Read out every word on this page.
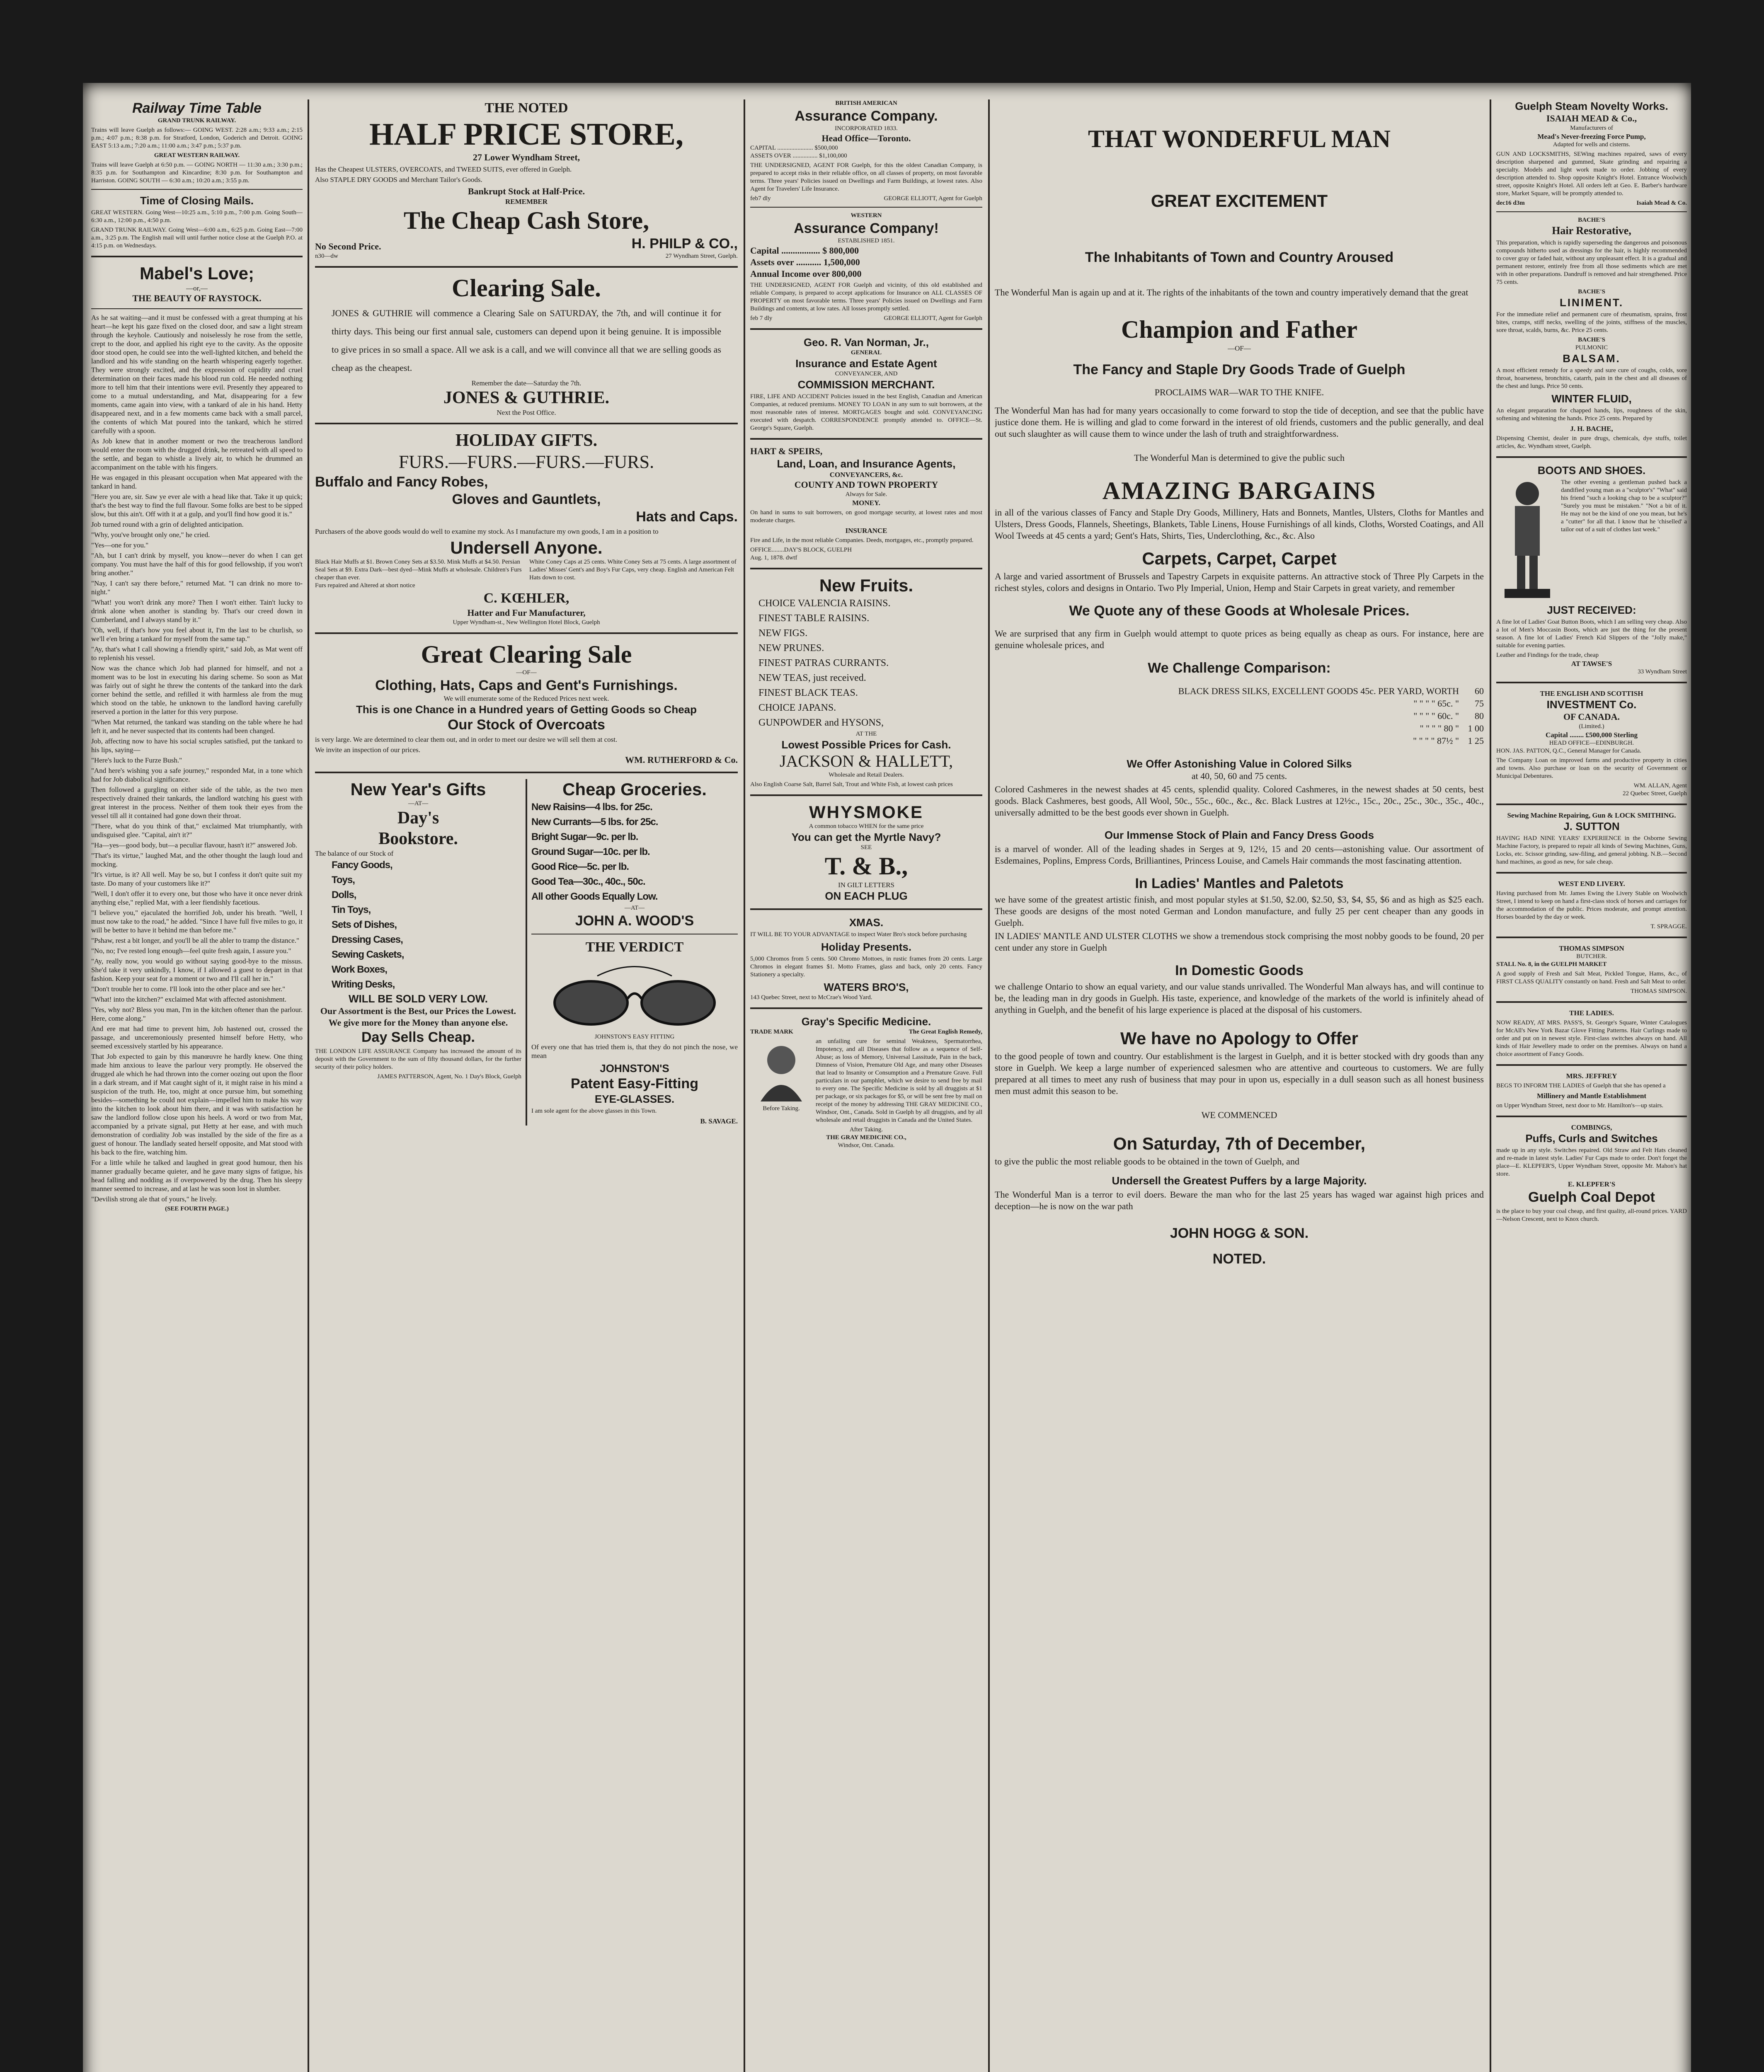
Railway Time Table
GRAND TRUNK RAILWAY.
Trains will leave Guelph as follows:— GOING WEST. 2:28 a.m.; 9:33 a.m.; 2:15 p.m.; 4:07 p.m.; 8:38 p.m. for Stratford, London, Goderich and Detroit. GOING EAST 5:13 a.m.; 7:20 a.m.; 11:00 a.m.; 3:47 p.m.; 5:37 p.m.
GREAT WESTERN RAILWAY.
Trains will leave Guelph at 6:50 p.m. — GOING NORTH — 11:30 a.m.; 3:30 p.m.; 8:35 p.m. for Southampton and Kincardine; 8:30 p.m. for Southampton and Harriston. GOING SOUTH — 6:30 a.m.; 10:20 a.m.; 3:55 p.m.
Time of Closing Mails.
GREAT WESTERN. Going West—10:25 a.m., 5:10 p.m., 7:00 p.m. Going South—6:30 a.m., 12:00 p.m., 4:50 p.m.
GRAND TRUNK RAILWAY. Going West—6:00 a.m., 6:25 p.m. Going East—7:00 a.m., 3:25 p.m. The English mail will until further notice close at the Guelph P.O. at 4:15 p.m. on Wednesdays.
Mabel's Love;
—or,—
THE BEAUTY OF RAYSTOCK.
As he sat waiting—and it must be confessed with a great thumping at his heart—he kept his gaze fixed on the closed door, and saw a light stream through the keyhole. Cautiously and noiselessly he rose from the settle, crept to the door, and applied his right eye to the cavity. As the opposite door stood open, he could see into the well-lighted kitchen, and beheld the landlord and his wife standing on the hearth whispering eagerly together. They were strongly excited, and the expression of cupidity and cruel determination on their faces made his blood run cold. He needed nothing more to tell him that their intentions were evil. Presently they appeared to come to a mutual understanding, and Mat, disappearing for a few moments, came again into view, with a tankard of ale in his hand. Hetty disappeared next, and in a few moments came back with a small parcel, the contents of which Mat poured into the tankard, which he stirred carefully with a spoon.
As Job knew that in another moment or two the treacherous landlord would enter the room with the drugged drink, he retreated with all speed to the settle, and began to whistle a lively air, to which he drummed an accompaniment on the table with his fingers.
He was engaged in this pleasant occupation when Mat appeared with the tankard in hand.
"Here you are, sir. Saw ye ever ale with a head like that. Take it up quick; that's the best way to find the full flavour. Some folks are best to be sipped slow, but this ain't. Off with it at a gulp, and you'll find how good it is."
Job turned round with a grin of delighted anticipation.
"Why, you've brought only one," he cried.
"Yes—one for you."
"Ah, but I can't drink by myself, you know—never do when I can get company. You must have the half of this for good fellowship, if you won't bring another."
"Nay, I can't say there before," returned Mat. "I can drink no more to-night."
"What! you won't drink any more? Then I won't either. Tain't lucky to drink alone when another is standing by. That's our creed down in Cumberland, and I always stand by it."
"Oh, well, if that's how you feel about it, I'm the last to be churlish, so we'll e'en bring a tankard for myself from the same tap."
"Ay, that's what I call showing a friendly spirit," said Job, as Mat went off to replenish his vessel.
Now was the chance which Job had planned for himself, and not a moment was to be lost in executing his daring scheme. So soon as Mat was fairly out of sight he threw the contents of the tankard into the dark corner behind the settle, and refilled it with harmless ale from the mug which stood on the table, he unknown to the landlord having carefully reserved a portion in the latter for this very purpose.
"When Mat returned, the tankard was standing on the table where he had left it, and he never suspected that its contents had been changed.
Job, affecting now to have his social scruples satisfied, put the tankard to his lips, saying—
"Here's luck to the Furze Bush."
"And here's wishing you a safe journey," responded Mat, in a tone which had for Job diabolical significance.
Then followed a gurgling on either side of the table, as the two men respectively drained their tankards, the landlord watching his guest with great interest in the process. Neither of them took their eyes from the vessel till all it contained had gone down their throat.
"There, what do you think of that," exclaimed Mat triumphantly, with undisguised glee. "Capital, ain't it?"
"Ha—yes—good body, but—a peculiar flavour, hasn't it?" answered Job.
"That's its virtue," laughed Mat, and the other thought the laugh loud and mocking.
"It's virtue, is it? All well. May be so, but I confess it don't quite suit my taste. Do many of your customers like it?"
"Well, I don't offer it to every one, but those who have it once never drink anything else," replied Mat, with a leer fiendishly facetious.
"I believe you," ejaculated the horrified Job, under his breath. "Well, I must now take to the road," he added. "Since I have full five miles to go, it will be better to have it behind me than before me."
"Pshaw, rest a bit longer, and you'll be all the abler to tramp the distance."
"No, no; I've rested long enough—feel quite fresh again, I assure you."
"Ay, really now, you would go without saying good-bye to the missus. She'd take it very unkindly, I know, if I allowed a guest to depart in that fashion. Keep your seat for a moment or two and I'll call her in."
"Don't trouble her to come. I'll look into the other place and see her."
"What! into the kitchen?" exclaimed Mat with affected astonishment.
"Yes, why not? Bless you man, I'm in the kitchen oftener than the parlour. Here, come along."
And ere mat had time to prevent him, Job hastened out, crossed the passage, and unceremoniously presented himself before Hetty, who seemed excessively startled by his appearance.
That Job expected to gain by this manœuvre he hardly knew. One thing made him anxious to leave the parlour very promptly. He observed the drugged ale which he had thrown into the corner oozing out upon the floor in a dark stream, and if Mat caught sight of it, it might raise in his mind a suspicion of the truth. He, too, might at once pursue him, but something besides—something he could not explain—impelled him to make his way into the kitchen to look about him there, and it was with satisfaction he saw the landlord follow close upon his heels. A word or two from Mat, accompanied by a private signal, put Hetty at her ease, and with much demonstration of cordiality Job was installed by the side of the fire as a guest of honour. The landlady seated herself opposite, and Mat stood with his back to the fire, watching him.
For a little while he talked and laughed in great good humour, then his manner gradually became quieter, and he gave many signs of fatigue, his head falling and nodding as if overpowered by the drug. Then his sleepy manner seemed to increase, and at last he was soon lost in slumber.
"Devilish strong ale that of yours," he lively.
(SEE FOURTH PAGE.)
THE NOTED
HALF PRICE STORE,
27 Lower Wyndham Street,
Has the Cheapest ULSTERS, OVERCOATS, and TWEED SUITS, ever offered in Guelph.
Also STAPLE DRY GOODS and Merchant Tailor's Goods.
Bankrupt Stock at Half-Price.
REMEMBER
The Cheap Cash Store,
No Second Price.	H. PHILP & CO.,
n30—dw	27 Wyndham Street, Guelph.
Clearing Sale.
JONES & GUTHRIE will commence a Clearing Sale on SATURDAY, the 7th, and will continue it for thirty days. This being our first annual sale, customers can depend upon it being genuine. It is impossible to give prices in so small a space. All we ask is a call, and we will convince all that we are selling goods as cheap as the cheapest.
Remember the date—Saturday the 7th.
JONES & GUTHRIE.
Next the Post Office.
HOLIDAY GIFTS.
FURS.—FURS.—FURS.—FURS.
Buffalo and Fancy Robes,
Gloves and Gauntlets,
Hats and Caps.
Purchasers of the above goods would do well to examine my stock. As I manufacture my own goods, I am in a position to
Undersell Anyone.
Black Hair Muffs at $1. Brown Coney Sets at $3.50. Mink Muffs at $4.50. Persian Seal Sets at $9. Extra Dark—best dyed—Mink Muffs at wholesale. Children's Furs cheaper than ever.
White Coney Caps at 25 cents. White Coney Sets at 75 cents. A large assortment of Ladies' Misses' Gent's and Boy's Fur Caps, very cheap. English and American Felt Hats down to cost.
Furs repaired and Altered at short notice
C. KŒHLER,
Hatter and Fur Manufacturer,
Upper Wyndham-st., New Wellington Hotel Block, Guelph
Great Clearing Sale
—OF—
Clothing, Hats, Caps and Gent's Furnishings.
We will enumerate some of the Reduced Prices next week.
This is one Chance in a Hundred years of Getting Goods so Cheap
Our Stock of Overcoats
is very large. We are determined to clear them out, and in order to meet our desire we will sell them at cost.
We invite an inspection of our prices.
WM. RUTHERFORD & Co.
New Year's Gifts
—AT—
Day's
Bookstore.
The balance of our Stock of
Fancy Goods,
Toys,
Dolls,
Tin Toys,
Sets of Dishes,
Dressing Cases,
Sewing Caskets,
Work Boxes,
Writing Desks,
WILL BE SOLD VERY LOW.
Our Assortment is the Best, our Prices the Lowest. We give more for the Money than anyone else.
Day Sells Cheap.
THE LONDON LIFE ASSURANCE Company has increased the amount of its deposit with the Government to the sum of fifty thousand dollars, for the further security of their policy holders.
JAMES PATTERSON, Agent, No. 1 Day's Block, Guelph
Cheap Groceries.
New Raisins—4 lbs. for 25c.
New Currants—5 lbs. for 25c.
Bright Sugar—9c. per lb.
Ground Sugar—10c. per lb.
Good Rice—5c. per lb.
Good Tea—30c., 40c., 50c.
All other Goods Equally Low.
—AT—
JOHN A. WOOD'S
THE VERDICT
JOHNSTON'S EASY FITTING
Of every one that has tried them is, that they do not pinch the nose, we mean
JOHNSTON'S
Patent Easy-Fitting
EYE-GLASSES.
I am sole agent for the above glasses in this Town.
B. SAVAGE.
BRITISH AMERICAN
Assurance Company.
INCORPORATED 1833.
Head Office—Toronto.
CAPITAL ....................... $500,000
ASSETS OVER ................ $1,100,000
THE UNDERSIGNED, AGENT FOR Guelph, for this the oldest Canadian Company, is prepared to accept risks in their reliable office, on all classes of property, on most favorable terms. Three years' Policies issued on Dwellings and Farm Buildings, at lowest rates. Also Agent for Travelers' Life Insurance.
feb7 dly	GEORGE ELLIOTT, Agent for Guelph
WESTERN
Assurance Company!
ESTABLISHED 1851.
Capital ................. $ 800,000
Assets over ........... 1,500,000
Annual Income over 800,000
THE UNDERSIGNED, AGENT FOR Guelph and vicinity, of this old established and reliable Company, is prepared to accept applications for Insurance on ALL CLASSES OF PROPERTY on most favorable terms. Three years' Policies issued on Dwellings and Farm Buildings and contents, at low rates. All losses promptly settled.
feb 7 dly	GEORGE ELLIOTT, Agent for Guelph
Geo. R. Van Norman, Jr.,
GENERAL
Insurance and Estate Agent
CONVEYANCER, AND
COMMISSION MERCHANT.
FIRE, LIFE AND ACCIDENT Policies issued in the best English, Canadian and American Companies, at reduced premiums. MONEY TO LOAN in any sum to suit borrowers, at the most reasonable rates of interest. MORTGAGES bought and sold. CONVEYANCING executed with despatch. CORRESPONDENCE promptly attended to. OFFICE—St. George's Square, Guelph.
HART & SPEIRS,
Land, Loan, and Insurance Agents,
CONVEYANCERS, &c.
COUNTY AND TOWN PROPERTY
Always for Sale.
MONEY.
On hand in sums to suit borrowers, on good mortgage security, at lowest rates and most moderate charges.
INSURANCE
Fire and Life, in the most reliable Companies. Deeds, mortgages, etc., promptly prepared.
OFFICE........DAY'S BLOCK, GUELPH
Aug. 1, 1878. dwtf
New Fruits.
CHOICE VALENCIA RAISINS.
FINEST TABLE RAISINS.
NEW FIGS.
NEW PRUNES.
FINEST PATRAS CURRANTS.
NEW TEAS, just received.
FINEST BLACK TEAS.
CHOICE JAPANS.
GUNPOWDER and HYSONS,
AT THE
Lowest Possible Prices for Cash.
JACKSON & HALLETT,
Wholesale and Retail Dealers.
Also English Coarse Salt, Barrel Salt, Trout and White Fish, at lowest cash prices
WHYSMOKE
A common tobacco WHEN for the same price
You can get the Myrtle Navy?
SEE
T. & B.,
IN GILT LETTERS
ON EACH PLUG
XMAS.
IT WILL BE TO YOUR ADVANTAGE to inspect Water Bro's stock before purchasing
Holiday Presents.
5,000 Chromos from 5 cents. 500 Chromo Mottoes, in rustic frames from 20 cents. Large Chromos in elegant frames $1. Motto Frames, glass and back, only 20 cents. Fancy Stationery a specialty.
WATERS BRO'S,
143 Quebec Street, next to McCrae's Wood Yard.
Gray's Specific Medicine.
TRADE MARK	The Great English Remedy,
Before Taking.
an unfailing cure for seminal Weakness, Spermatorrhea, Impotency, and all Diseases that follow as a sequence of Self-Abuse; as loss of Memory, Universal Lassitude, Pain in the back, Dimness of Vision, Premature Old Age, and many other Diseases that lead to Insanity or Consumption and a Premature Grave. Full particulars in our pamphlet, which we desire to send free by mail to every one. The Specific Medicine is sold by all druggists at $1 per package, or six packages for $5, or will be sent free by mail on receipt of the money by addressing THE GRAY MEDICINE CO., Windsor, Ont., Canada. Sold in Guelph by all druggists, and by all wholesale and retail druggists in Canada and the United States.
After Taking.
THE GRAY MEDICINE CO.,
Windsor, Ont. Canada.
THAT WONDERFUL MAN
GREAT EXCITEMENT
The Inhabitants of Town and Country Aroused
The Wonderful Man is again up and at it. The rights of the inhabitants of the town and country imperatively demand that the great
Champion and Father
—OF—
The Fancy and Staple Dry Goods Trade of Guelph
PROCLAIMS WAR—WAR TO THE KNIFE.
The Wonderful Man has had for many years occasionally to come forward to stop the tide of deception, and see that the public have justice done them. He is willing and glad to come forward in the interest of old friends, customers and the public generally, and deal out such slaughter as will cause them to wince under the lash of truth and straightforwardness.
The Wonderful Man is determined to give the public such
AMAZING BARGAINS
in all of the various classes of Fancy and Staple Dry Goods, Millinery, Hats and Bonnets, Mantles, Ulsters, Cloths for Mantles and Ulsters, Dress Goods, Flannels, Sheetings, Blankets, Table Linens, House Furnishings of all kinds, Cloths, Worsted Coatings, and All Wool Tweeds at 45 cents a yard; Gent's Hats, Shirts, Ties, Underclothing, &c., &c. Also
Carpets, Carpet, Carpet
A large and varied assortment of Brussels and Tapestry Carpets in exquisite patterns. An attractive stock of Three Ply Carpets in the richest styles, colors and designs in Ontario. Two Ply Imperial, Union, Hemp and Stair Carpets in great variety, and remember
We Quote any of these Goods at Wholesale Prices.
We are surprised that any firm in Guelph would attempt to quote prices as being equally as cheap as ours. For instance, here are genuine wholesale prices, and
We Challenge Comparison:
BLACK DRESS SILKS, EXCELLENT GOODS 45c. PER YARD, WORTH	60
" " " " 65c. "	75
" " " " 60c. "	80
" " " " 80 " 1 00
" " " " 87½ " 1 25
We Offer Astonishing Value in Colored Silks
at 40, 50, 60 and 75 cents.
Colored Cashmeres in the newest shades at 45 cents, splendid quality. Colored Cashmeres, in the newest shades at 50 cents, best goods. Black Cashmeres, best goods, All Wool, 50c., 55c., 60c., &c., &c. Black Lustres at 12½c., 15c., 20c., 25c., 30c., 35c., 40c., universally admitted to be the best goods ever shown in Guelph.
Our Immense Stock of Plain and Fancy Dress Goods
is a marvel of wonder. All of the leading shades in Serges at 9, 12½, 15 and 20 cents—astonishing value. Our assortment of Esdemaines, Poplins, Empress Cords, Brilliantines, Princess Louise, and Camels Hair commands the most fascinating attention.
In Ladies' Mantles and Paletots
we have some of the greatest artistic finish, and most popular styles at $1.50, $2.00, $2.50, $3, $4, $5, $6 and as high as $25 each. These goods are designs of the most noted German and London manufacture, and fully 25 per cent cheaper than any goods in Guelph.
IN LADIES' MANTLE AND ULSTER CLOTHS we show a tremendous stock comprising the most nobby goods to be found, 20 per cent under any store in Guelph
In Domestic Goods
we challenge Ontario to show an equal variety, and our value stands unrivalled. The Wonderful Man always has, and will continue to be, the leading man in dry goods in Guelph. His taste, experience, and knowledge of the markets of the world is infinitely ahead of anything in Guelph, and the benefit of his large experience is placed at the disposal of his customers.
We have no Apology to Offer
to the good people of town and country. Our establishment is the largest in Guelph, and it is better stocked with dry goods than any store in Guelph. We keep a large number of experienced salesmen who are attentive and courteous to customers. We are fully prepared at all times to meet any rush of business that may pour in upon us, especially in a dull season such as all honest business men must admit this season to be.
WE COMMENCED
On Saturday, 7th of December,
to give the public the most reliable goods to be obtained in the town of Guelph, and
Undersell the Greatest Puffers by a large Majority.
The Wonderful Man is a terror to evil doers. Beware the man who for the last 25 years has waged war against high prices and deception—he is now on the war path
JOHN HOGG & SON.
NOTED.
Guelph Steam Novelty Works.
ISAIAH MEAD & Co.,
Manufacturers of
Mead's Never-freezing Force Pump,
Adapted for wells and cisterns.
GUN AND LOCKSMITHS, SEWing machines repaired, saws of every description sharpened and gummed, Skate grinding and repairing a specialty. Models and light work made to order. Jobbing of every description attended to. Shop opposite Knight's Hotel. Entrance Woolwich street, opposite Knight's Hotel. All orders left at Geo. E. Barber's hardware store, Market Square, will be promptly attended to.
dec16 d3m	Isaiah Mead & Co.
BACHE'S
Hair Restorative,
This preparation, which is rapidly superseding the dangerous and poisonous compounds hitherto used as dressings for the hair, is highly recommended to cover gray or faded hair, without any unpleasant effect. It is a gradual and permanent restorer, entirely free from all those sediments which are met with in other preparations. Dandruff is removed and hair strengthened. Price 75 cents.
BACHE'S
LINIMENT.
For the immediate relief and permanent cure of rheumatism, sprains, frost bites, cramps, stiff necks, swelling of the joints, stiffness of the muscles, sore throat, scalds, burns, &c. Price 25 cents.
BACHE'S
PULMONIC
BALSAM.
A most efficient remedy for a speedy and sure cure of coughs, colds, sore throat, hoarseness, bronchitis, catarrh, pain in the chest and all diseases of the chest and lungs. Price 50 cents.
WINTER FLUID,
An elegant preparation for chapped hands, lips, roughness of the skin, softening and whitening the hands. Price 25 cents. Prepared by
J. H. BACHE,
Dispensing Chemist, dealer in pure drugs, chemicals, dye stuffs, toilet articles, &c. Wyndham street, Guelph.
BOOTS AND SHOES.
The other evening a gentleman pushed back a dandified young man as a "sculptor's" "What" said his friend "such a looking chap to be a sculptor?" "Surely you must be mistaken." "Not a bit of it. He may not be the kind of one you mean, but he's a "cutter" for all that. I know that he 'chiselled' a tailor out of a suit of clothes last week."
JUST RECEIVED:
A fine lot of Ladies' Goat Button Boots, which I am selling very cheap. Also a lot of Men's Moccasin Boots, which are just the thing for the present season. A fine lot of Ladies' French Kid Slippers of the "Jolly make," suitable for evening parties.
Leather and Findings for the trade, cheap
AT TAWSE'S
33 Wyndham Street
THE ENGLISH AND SCOTTISH
INVESTMENT Co.
OF CANADA.
(Limited.)
Capital ........ £500,000 Sterling
HEAD OFFICE—EDINBURGH.
HON. JAS. PATTON, Q.C., General Manager for Canada.
The Company Loan on improved farms and productive property in cities and towns. Also purchase or loan on the security of Government or Municipal Debentures.
WM. ALLAN, Agent
22 Quebec Street, Guelph
Sewing Machine Repairing, Gun & LOCK SMITHING.
J. SUTTON
HAVING HAD NINE YEARS' EXPERIENCE in the Osborne Sewing Machine Factory, is prepared to repair all kinds of Sewing Machines, Guns, Locks, etc. Scissor grinding, saw-filing, and general jobbing. N.B.—Second hand machines, as good as new, for sale cheap.
WEST END LIVERY.
Having purchased from Mr. James Ewing the Livery Stable on Woolwich Street, I intend to keep on hand a first-class stock of horses and carriages for the accommodation of the public. Prices moderate, and prompt attention. Horses boarded by the day or week.
T. SPRAGGE.
THOMAS SIMPSON
BUTCHER.
STALL No. 8, in the GUELPH MARKET
A good supply of Fresh and Salt Meat, Pickled Tongue, Hams, &c., of FIRST CLASS QUALITY constantly on hand. Fresh and Salt Meat to order.
THOMAS SIMPSON.
THE LADIES.
NOW READY, AT MRS. PASS'S, St. George's Square, Winter Catalogues for McAll's New York Bazar Glove Fitting Patterns. Hair Curlings made to order and put on in newest style. First-class switches always on hand. All kinds of Hair Jewellery made to order on the premises. Always on hand a choice assortment of Fancy Goods.
MRS. JEFFREY
BEGS TO INFORM THE LADIES of Guelph that she has opened a
Millinery and Mantle Establishment
on Upper Wyndham Street, next door to Mr. Hamilton's—up stairs.
COMBINGS,
Puffs, Curls and Switches
made up in any style. Switches repaired. Old Straw and Felt Hats cleaned and re-made in latest style. Ladies' Fur Caps made to order. Don't forget the place—E. KLEPFER'S, Upper Wyndham Street, opposite Mr. Mahon's hat store.
E. KLEPFER'S
Guelph Coal Depot
is the place to buy your coal cheap, and first quality, all-round prices. YARD—Nelson Crescent, next to Knox church.
